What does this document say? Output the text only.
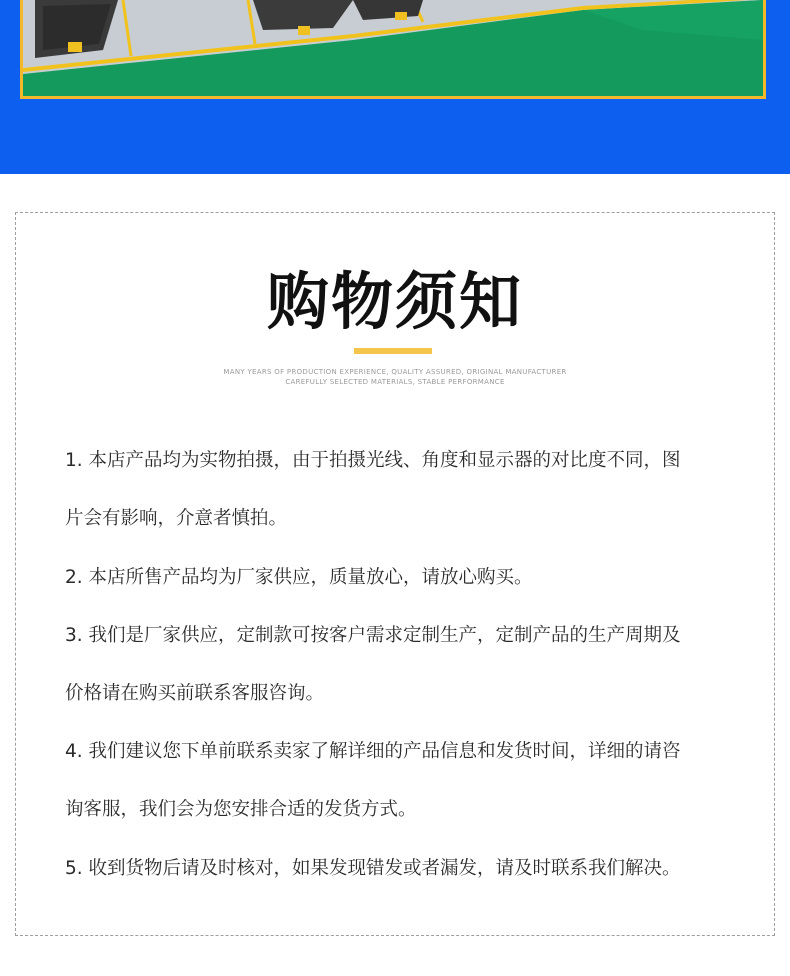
购物须知
MANY YEARS OF PRODUCTION EXPERIENCE, QUALITY ASSURED, ORIGINAL MANUFACTURER
CAREFULLY SELECTED MATERIALS, STABLE PERFORMANCE
1. 本店产品均为实物拍摄，由于拍摄光线、角度和显示器的对比度不同，图
片会有影响，介意者慎拍。
2. 本店所售产品均为厂家供应，质量放心，请放心购买。
3. 我们是厂家供应，定制款可按客户需求定制生产，定制产品的生产周期及
价格请在购买前联系客服咨询。
4. 我们建议您下单前联系卖家了解详细的产品信息和发货时间，详细的请咨
询客服，我们会为您安排合适的发货方式。
5. 收到货物后请及时核对，如果发现错发或者漏发，请及时联系我们解决。
